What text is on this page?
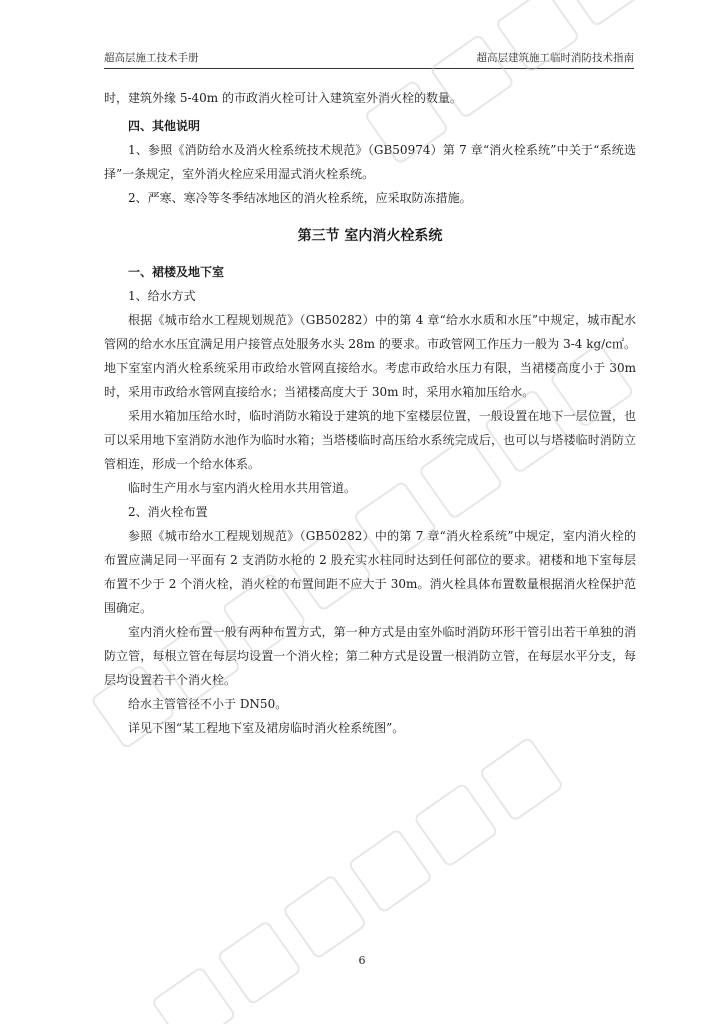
超高层施工技术手册	超高层建筑施工临时消防技术指南

时，建筑外缘 5-40m 的市政消火栓可计入建筑室外消火栓的数量。

四、其他说明

1、参照《消防给水及消火栓系统技术规范》（GB50974）第 7 章“消火栓系统”中关于“系统选择”一条规定，室外消火栓应采用湿式消火栓系统。

2、严寒、寒冷等冬季结冰地区的消火栓系统，应采取防冻措施。

第三节 室内消火栓系统

一、裙楼及地下室

1、给水方式

根据《城市给水工程规划规范》（GB50282）中的第 4 章“给水水质和水压”中规定，城市配水管网的给水水压宜满足用户接管点处服务水头 28m 的要求。市政管网工作压力一般为 3-4 kg/c㎡。地下室室内消火栓系统采用市政给水管网直接给水。考虑市政给水压力有限，当裙楼高度小于 30m 时，采用市政给水管网直接给水；当裙楼高度大于 30m 时，采用水箱加压给水。

采用水箱加压给水时，临时消防水箱设于建筑的地下室楼层位置，一般设置在地下一层位置，也可以采用地下室消防水池作为临时水箱；当塔楼临时高压给水系统完成后，也可以与塔楼临时消防立管相连，形成一个给水体系。

临时生产用水与室内消火栓用水共用管道。

2、消火栓布置

参照《城市给水工程规划规范》（GB50282）中的第 7 章“消火栓系统”中规定，室内消火栓的布置应满足同一平面有 2 支消防水枪的 2 股充实水柱同时达到任何部位的要求。裙楼和地下室每层布置不少于 2 个消火栓，消火栓的布置间距不应大于 30m。消火栓具体布置数量根据消火栓保护范围确定。

室内消火栓布置一般有两种布置方式，第一种方式是由室外临时消防环形干管引出若干单独的消防立管，每根立管在每层均设置一个消火栓；第二种方式是设置一根消防立管，在每层水平分支，每层均设置若干个消火栓。

给水主管管径不小于 DN50。

详见下图“某工程地下室及裙房临时消火栓系统图”。

6
